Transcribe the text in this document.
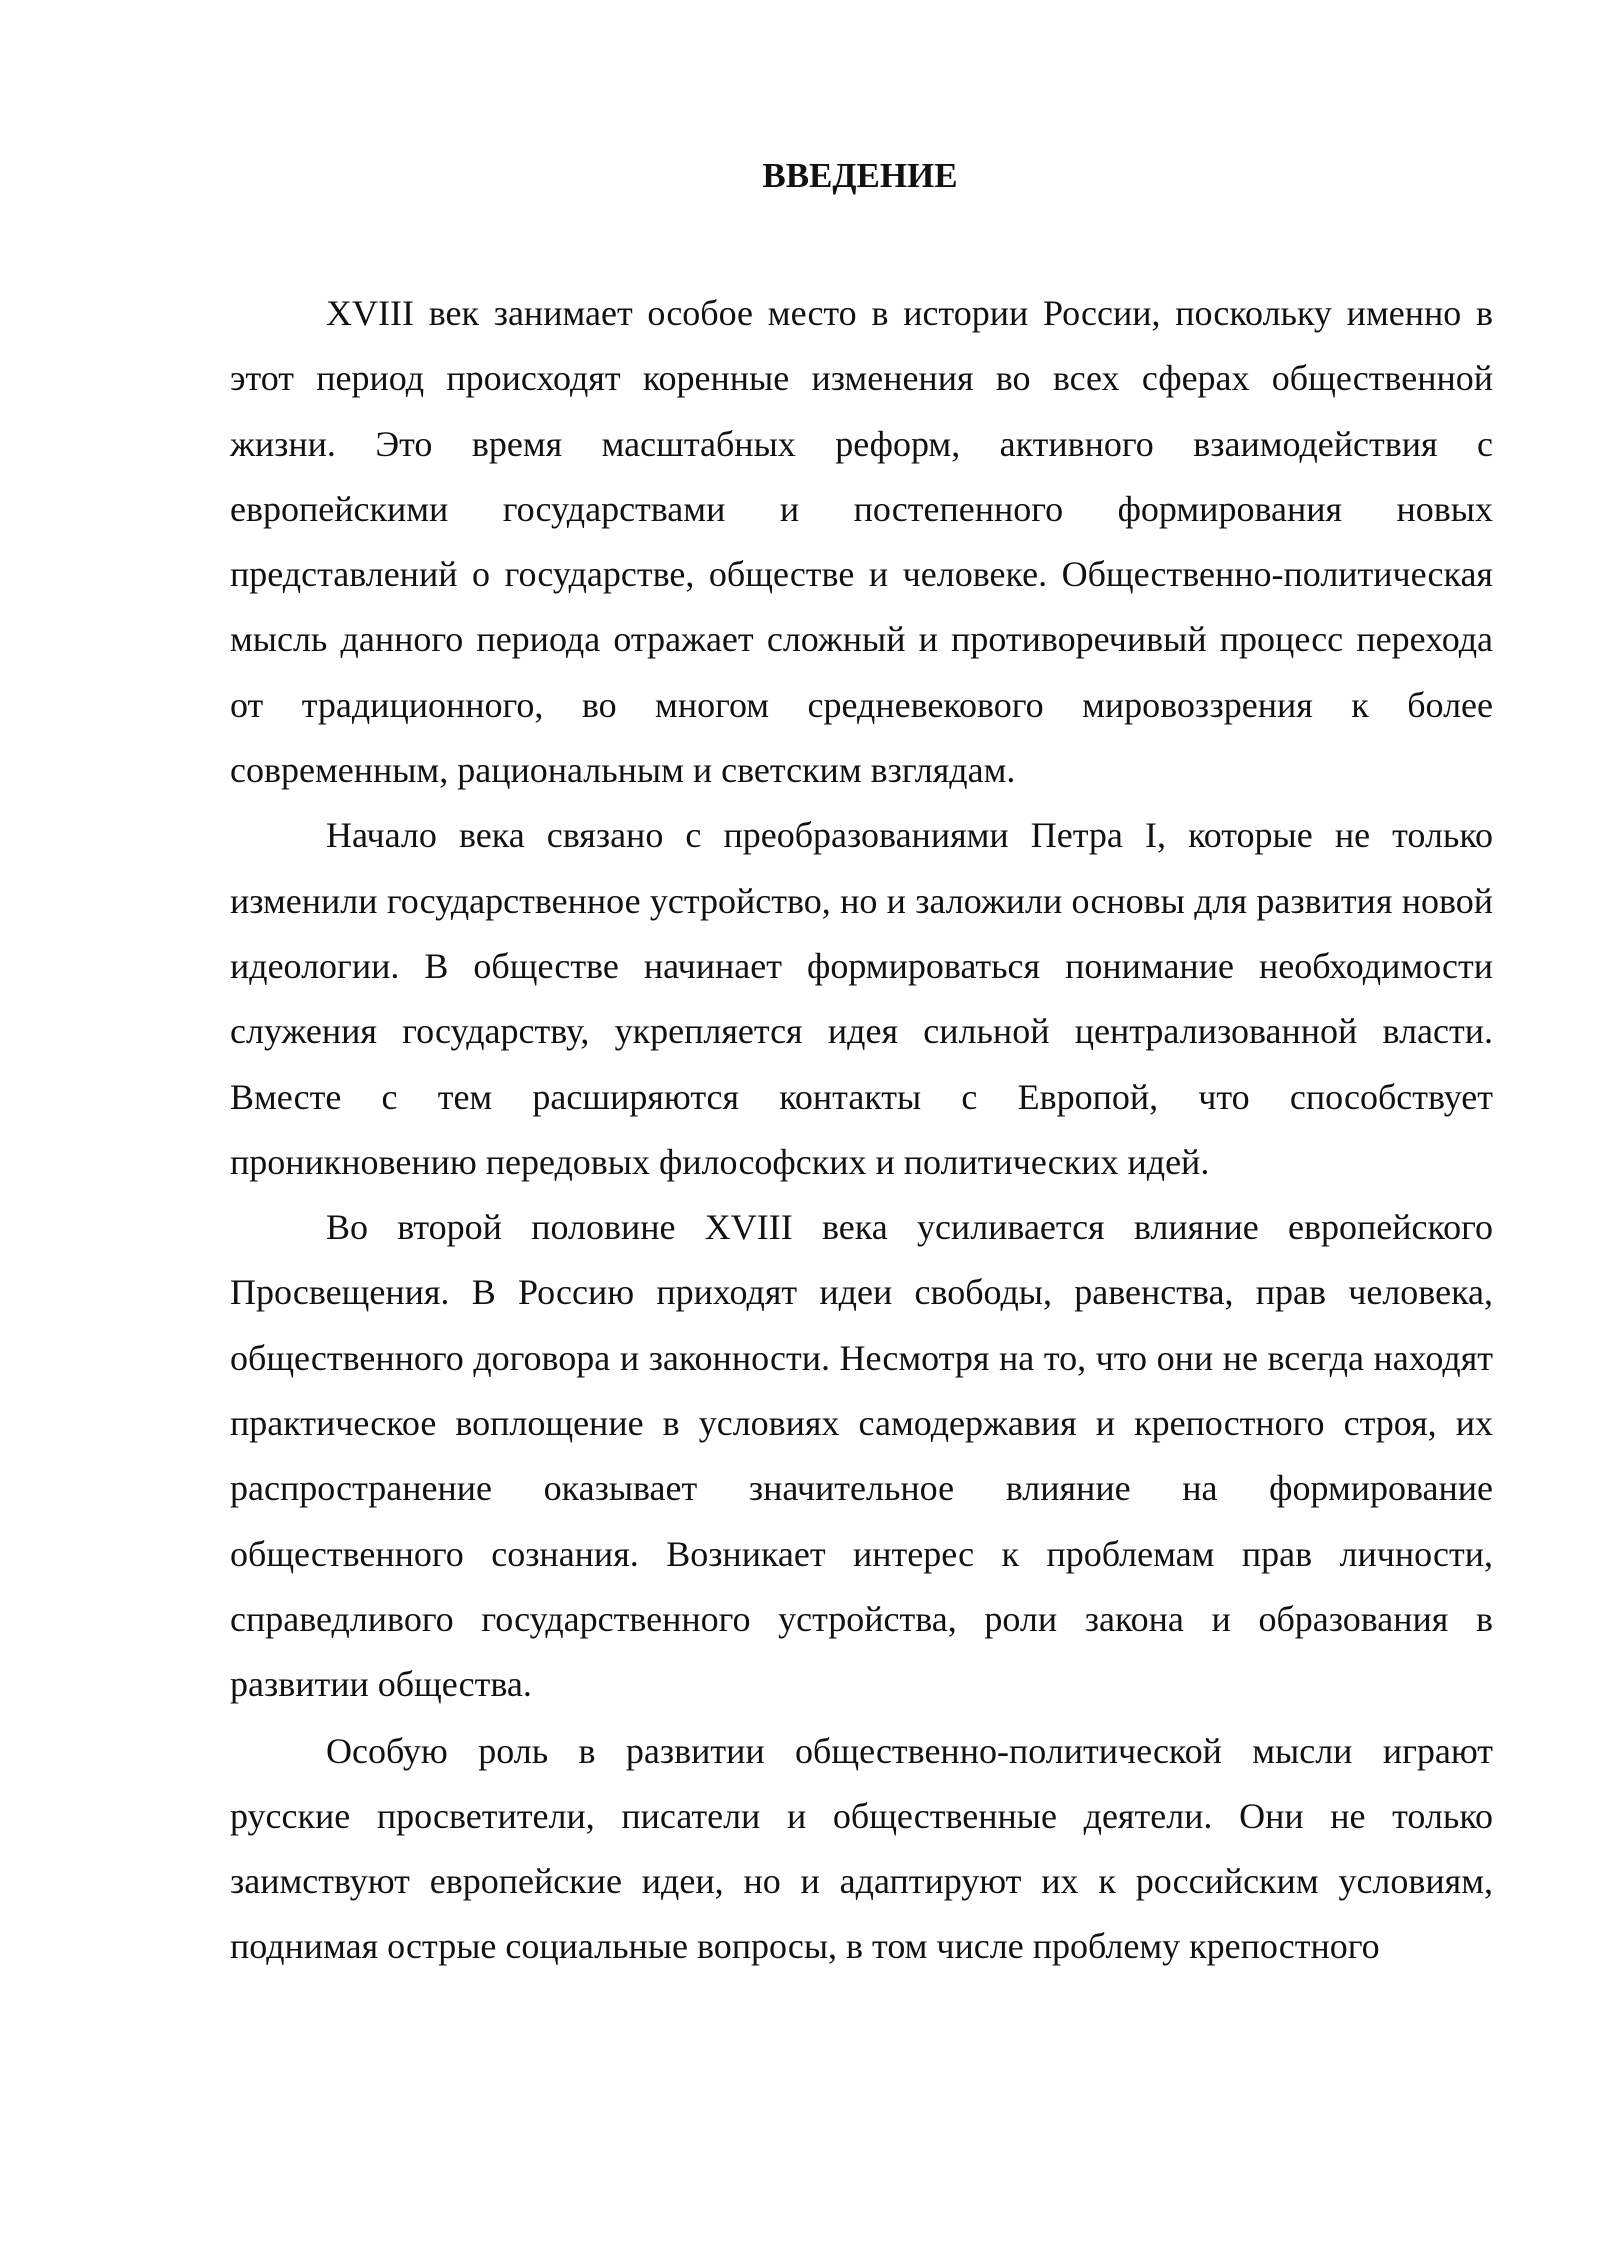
ВВЕДЕНИЕ

XVIII век занимает особое место в истории России, поскольку именно в этот период происходят коренные изменения во всех сферах общественной жизни. Это время масштабных реформ, активного взаимодействия с европейскими государствами и постепенного формирования новых представлений о государстве, обществе и человеке. Общественно-политическая мысль данного периода отражает сложный и противоречивый процесс перехода от традиционного, во многом средневекового мировоззрения к более современным, рациональным и светским взглядам.

Начало века связано с преобразованиями Петра I, которые не только изменили государственное устройство, но и заложили основы для развития новой идеологии. В обществе начинает формироваться понимание необходимости служения государству, укрепляется идея сильной централизованной власти. Вместе с тем расширяются контакты с Европой, что способствует проникновению передовых философских и политических идей.

Во второй половине XVIII века усиливается влияние европейского Просвещения. В Россию приходят идеи свободы, равенства, прав человека, общественного договора и законности. Несмотря на то, что они не всегда находят практическое воплощение в условиях самодержавия и крепостного строя, их распространение оказывает значительное влияние на формирование общественного сознания. Возникает интерес к проблемам прав личности, справедливого государственного устройства, роли закона и образования в развитии общества.

Особую роль в развитии общественно-политической мысли играют русские просветители, писатели и общественные деятели. Они не только заимствуют европейские идеи, но и адаптируют их к российским условиям, поднимая острые социальные вопросы, в том числе проблему крепостного
